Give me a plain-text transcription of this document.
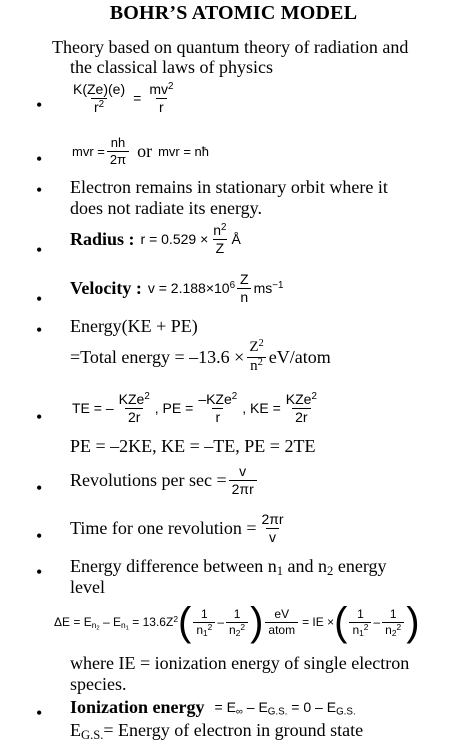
BOHR’S ATOMIC MODEL
Theory based on quantum theory of radiation and
the classical laws of physics
• $\frac{K(Ze)(e)}{r^2} = \frac{mv^2}{r}$
• mvr = $\frac{nh}{2\pi}$ or mvr = nħ
• Electron remains in stationary orbit where it
does not radiate its energy.
•
Radius : $r = 0.529 \times \frac{n^2}{Z}$ Å
•
Velocity : $v = 2.188\times 10^6 \frac{Z}{n} ms^{-1}$
• Energy(KE + PE)
=Total energy = $-13.6 \times \frac{Z^2}{n^2}$ eV/atom
• TE = – $\frac{KZe^2}{2r}$ , PE = $\frac{-KZe^2}{r}$ , KE = $\frac{KZe^2}{2r}$
PE = –2KE, KE = –TE, PE = 2TE
• Revolutions per $\sec = \frac{v}{2\pi r}$
• Time for one revolution = $\frac{2\pi r}{v}$
• Energy difference between $n_1$ and $n_2$ energy
level
$\Delta E = E_{n_2} - E_{n_1} = 13.6Z^2$ ( $\frac{1}{n_1^2} - \frac{1}{n_2^2}$ ) $\frac{eV}{\text{atom}}$ = IE × ( $\frac{1}{n_1^2} - \frac{1}{n_2^2}$ )
where IE = ionization energy of single electron
species.
• Ionization energy = $E_\infty - E_{G.S.} = 0 - E_{G.S.}$
$E_{G.S.}=$ Energy of electron in ground state
